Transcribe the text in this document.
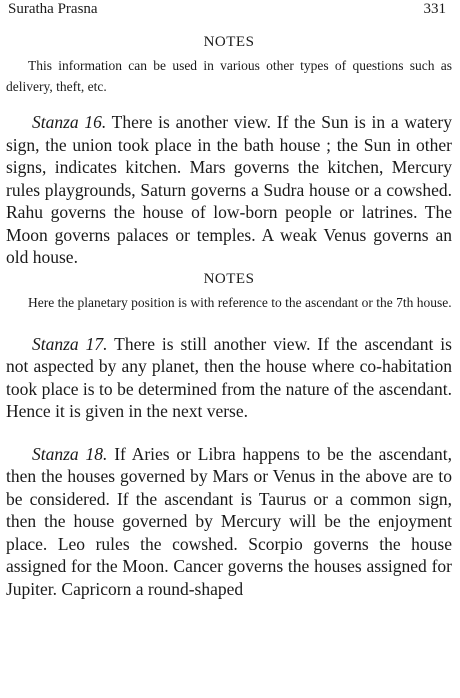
Suratha Prasna	331
NOTES

This information can be used in various other types of questions such as delivery, theft, etc.

Stanza 16. There is another view. If the Sun is in a watery sign, the union took place in the bath house ; the Sun in other signs, indicates kitchen. Mars governs the kitchen, Mercury rules playgrounds, Saturn governs a Sudra house or a cowshed. Rahu governs the house of low-born people or latrines. The Moon governs palaces or temples. A weak Venus governs an old house.

NOTES

Here the planetary position is with reference to the ascendant or the 7th house.

Stanza 17. There is still another view. If the ascendant is not aspected by any planet, then the house where co-habitation took place is to be determined from the nature of the ascendant. Hence it is given in the next verse.

Stanza 18. If Aries or Libra happens to be the ascendant, then the houses governed by Mars or Venus in the above are to be considered. If the ascendant is Taurus or a common sign, then the house governed by Mercury will be the enjoyment place. Leo rules the cowshed. Scorpio governs the house assigned for the Moon. Cancer governs the houses assigned for Jupiter. Capricorn a round-shaped
